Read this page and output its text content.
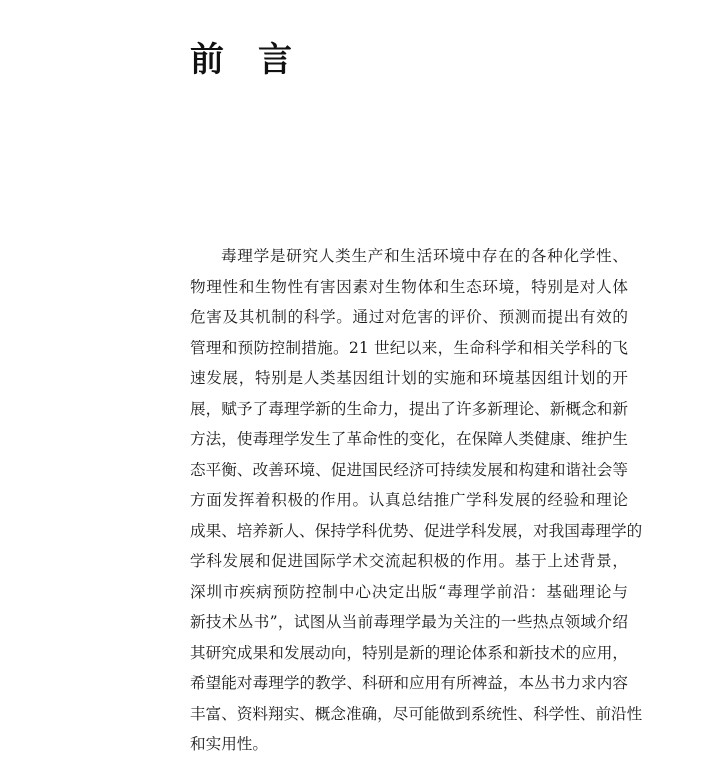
前言
毒理学是研究人类生产和生活环境中存在的各种化学性、
物理性和生物性有害因素对生物体和生态环境，特别是对人体
危害及其机制的科学。通过对危害的评价、预测而提出有效的
管理和预防控制措施。21 世纪以来，生命科学和相关学科的飞
速发展，特别是人类基因组计划的实施和环境基因组计划的开
展，赋予了毒理学新的生命力，提出了许多新理论、新概念和新
方法，使毒理学发生了革命性的变化，在保障人类健康、维护生
态平衡、改善环境、促进国民经济可持续发展和构建和谐社会等
方面发挥着积极的作用。认真总结推广学科发展的经验和理论
成果、培养新人、保持学科优势、促进学科发展，对我国毒理学的
学科发展和促进国际学术交流起积极的作用。基于上述背景，
深圳市疾病预防控制中心决定出版“毒理学前沿：基础理论与
新技术丛书”，试图从当前毒理学最为关注的一些热点领域介绍
其研究成果和发展动向，特别是新的理论体系和新技术的应用，
希望能对毒理学的教学、科研和应用有所裨益，本丛书力求内容
丰富、资料翔实、概念准确，尽可能做到系统性、科学性、前沿性
和实用性。
